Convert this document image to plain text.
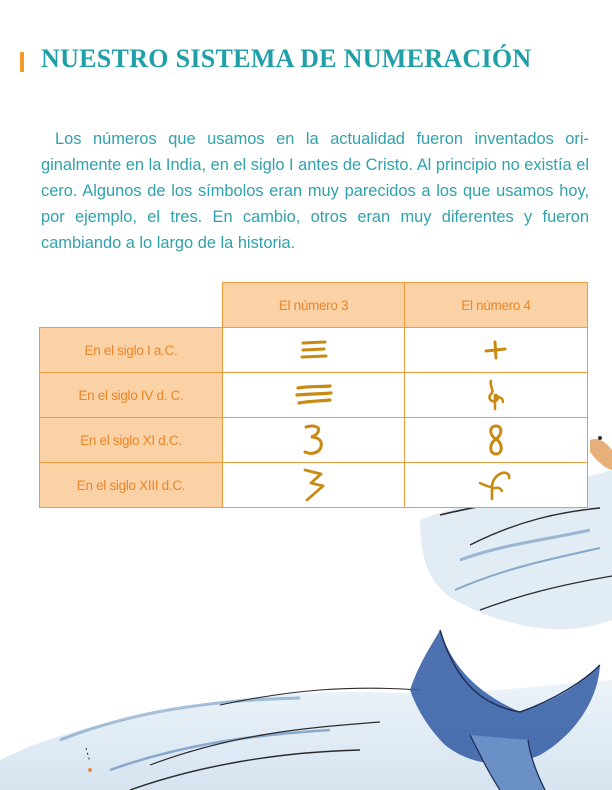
NUESTRO SISTEMA DE NUMERACIÓN

Los números que usamos en la actualidad fueron inventados ori-ginalmente en la India, en el siglo I antes de Cristo. Al principio no existía el cero. Algunos de los símbolos eran muy parecidos a los que usamos hoy, por ejemplo, el tres. En cambio, otros eran muy diferentes y fueron cambiando a lo largo de la historia.

	El número 3	El número 4
En el siglo I a.C.	

En el siglo IV d. C.	

En el siglo XI d.C.	

En el siglo XIII d.C.	
